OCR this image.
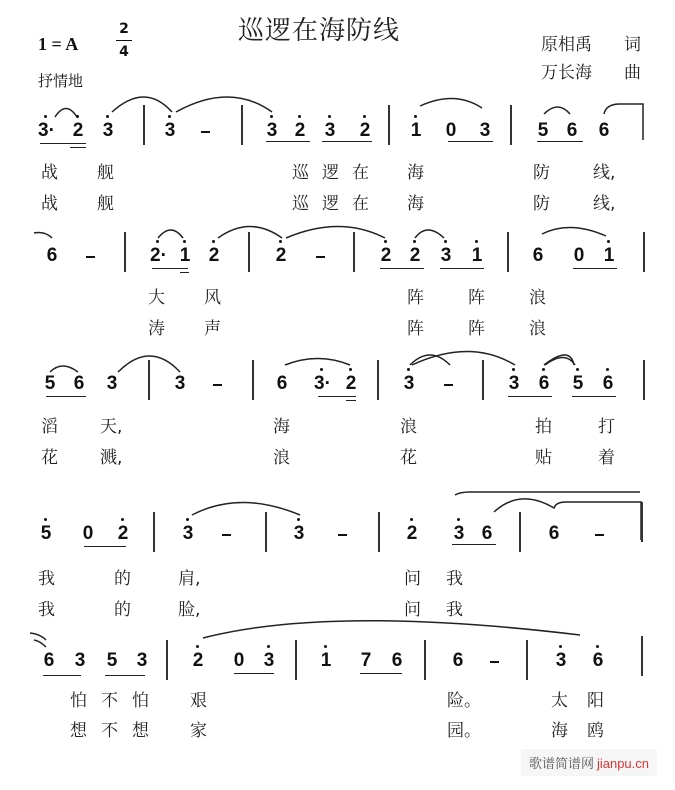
巡逻在海防线
1 = A
2
4
抒情地
原相禹 词
万长海 曲
3· 2 3	3	3 2 3 2 1 0 3 5 6 6
战 舰	巡 逻 在 海	防	线,
战 舰	巡 逻 在 海	防	线,
6	2· 1 2	2	2 2 3 1	6 0 1
大 风	阵	阵	浪
涛 声	阵	阵	浪
5 6 3	3	6 3· 2 3	3 6 5 6
滔 天,	海	浪	拍	打
花 溅,	浪	花	贴	着
5 0 2	3	3	2 3 6	6
我	的	肩,	问 我
我	的	脸,	问 我
6 3 5 3 2 0 3 1 7 6	6	3 6
怕 不 怕 艰	险。	太 阳
想 不 想 家	园。	海 鸥
歌谱简谱网 jianpu.cn
